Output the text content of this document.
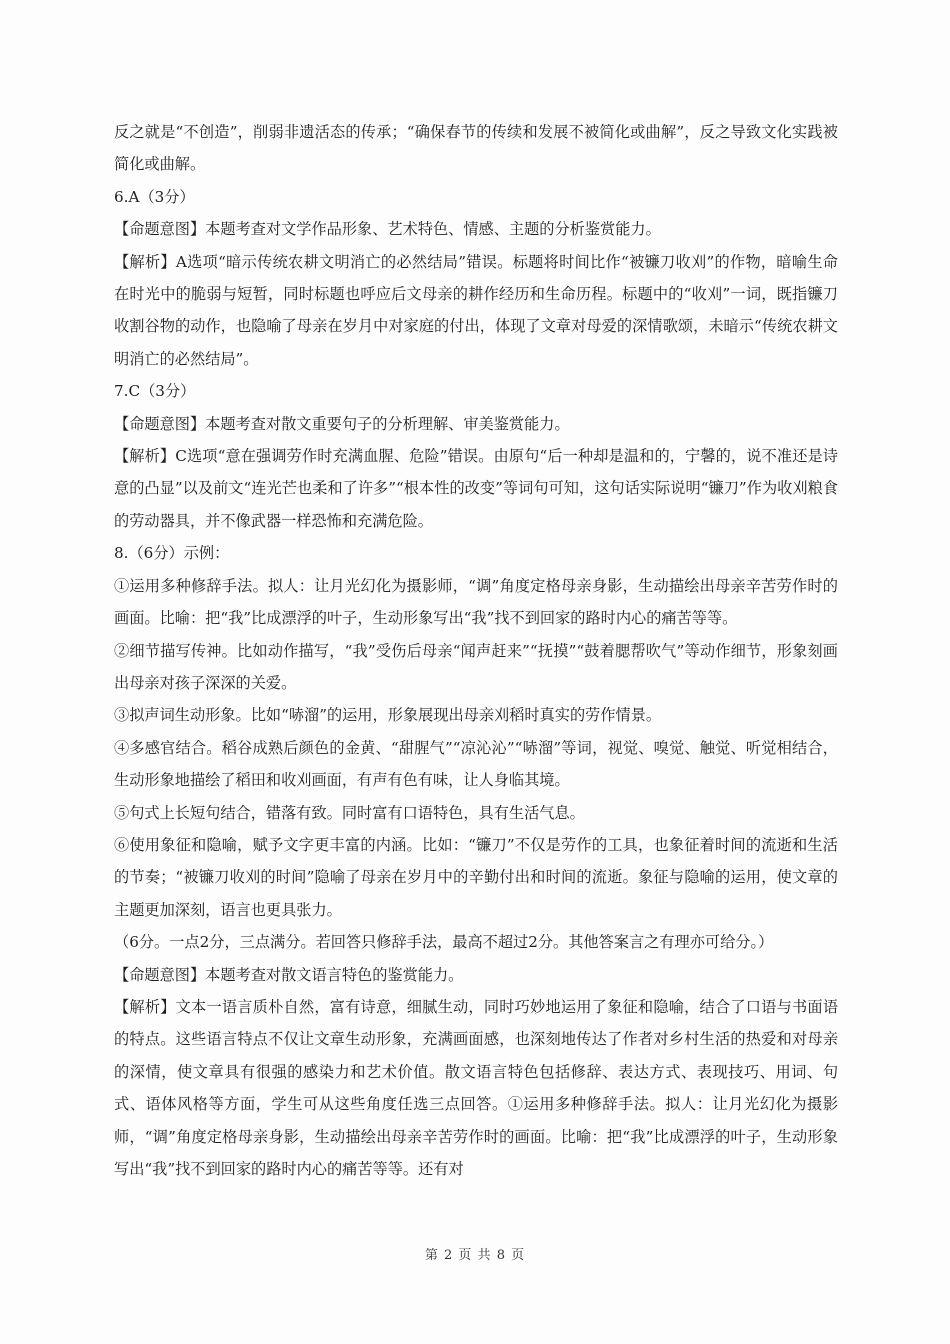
反之就是“不创造”，削弱非遗活态的传承；“确保春节的传续和发展不被简化或曲解”，反之导致文化实践被简化或曲解。

6.A（3分）

【命题意图】本题考查对文学作品形象、艺术特色、情感、主题的分析鉴赏能力。

【解析】A选项“暗示传统农耕文明消亡的必然结局”错误。标题将时间比作“被镰刀收刈”的作物，暗喻生命在时光中的脆弱与短暂，同时标题也呼应后文母亲的耕作经历和生命历程。标题中的“收刈”一词，既指镰刀收割谷物的动作，也隐喻了母亲在岁月中对家庭的付出，体现了文章对母爱的深情歌颂，未暗示“传统农耕文明消亡的必然结局”。

7.C（3分）

【命题意图】本题考查对散文重要句子的分析理解、审美鉴赏能力。

【解析】C选项“意在强调劳作时充满血腥、危险”错误。由原句“后一种却是温和的，宁馨的，说不准还是诗意的凸显”以及前文“连光芒也柔和了许多”“根本性的改变”等词句可知，这句话实际说明“镰刀”作为收刈粮食的劳动器具，并不像武器一样恐怖和充满危险。

8.（6分）示例：

①运用多种修辞手法。拟人：让月光幻化为摄影师，“调”角度定格母亲身影，生动描绘出母亲辛苦劳作时的画面。比喻：把“我”比成漂浮的叶子，生动形象写出“我”找不到回家的路时内心的痛苦等等。

②细节描写传神。比如动作描写，“我”受伤后母亲“闻声赶来”“抚摸”“鼓着腮帮吹气”等动作细节，形象刻画出母亲对孩子深深的关爱。

③拟声词生动形象。比如“哧溜”的运用，形象展现出母亲刈稻时真实的劳作情景。

④多感官结合。稻谷成熟后颜色的金黄、“甜腥气”“凉沁沁”“哧溜”等词，视觉、嗅觉、触觉、听觉相结合，生动形象地描绘了稻田和收刈画面，有声有色有味，让人身临其境。

⑤句式上长短句结合，错落有致。同时富有口语特色，具有生活气息。

⑥使用象征和隐喻，赋予文字更丰富的内涵。比如：“镰刀”不仅是劳作的工具，也象征着时间的流逝和生活的节奏；“被镰刀收刈的时间”隐喻了母亲在岁月中的辛勤付出和时间的流逝。象征与隐喻的运用，使文章的主题更加深刻，语言也更具张力。

（6分。一点2分，三点满分。若回答只修辞手法，最高不超过2分。其他答案言之有理亦可给分。）

【命题意图】本题考查对散文语言特色的鉴赏能力。

【解析】文本一语言质朴自然，富有诗意，细腻生动，同时巧妙地运用了象征和隐喻，结合了口语与书面语的特点。这些语言特点不仅让文章生动形象，充满画面感，也深刻地传达了作者对乡村生活的热爱和对母亲的深情，使文章具有很强的感染力和艺术价值。散文语言特色包括修辞、表达方式、表现技巧、用词、句式、语体风格等方面，学生可从这些角度任选三点回答。①运用多种修辞手法。拟人：让月光幻化为摄影师，“调”角度定格母亲身影，生动描绘出母亲辛苦劳作时的画面。比喻：把“我”比成漂浮的叶子，生动形象写出“我”找不到回家的路时内心的痛苦等等。还有对

第 2 页 共 8 页
